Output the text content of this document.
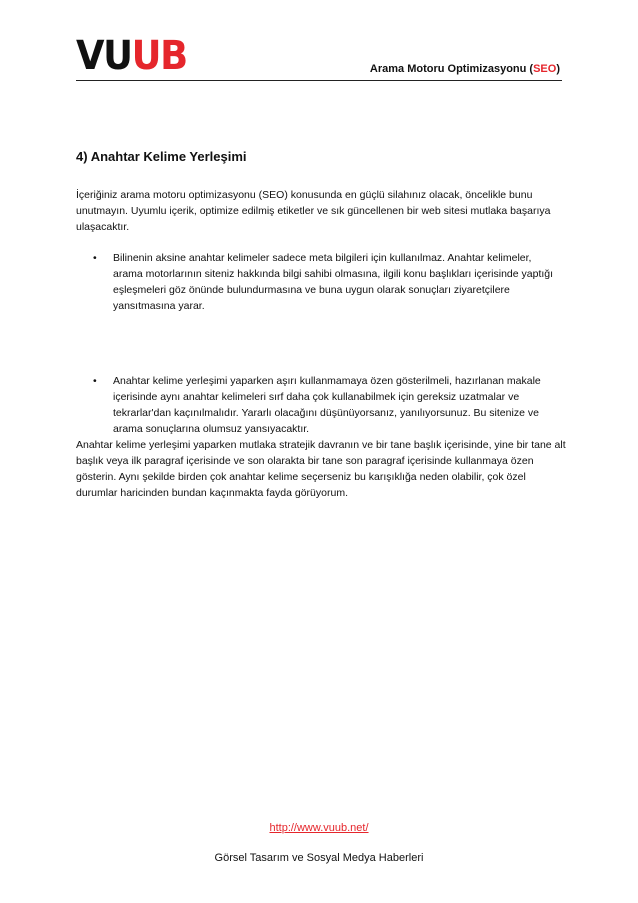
VUUB	Arama Motoru Optimizasyonu (SEO)
4) Anahtar Kelime Yerleşimi

İçeriğiniz arama motoru optimizasyonu (SEO) konusunda en güçlü silahınız olacak, öncelikle bunu unutmayın. Uyumlu içerik, optimize edilmiş etiketler ve sık güncellenen bir web sitesi mutlaka başarıya ulaşacaktır.

• Bilinenin aksine anahtar kelimeler sadece meta bilgileri için kullanılmaz. Anahtar kelimeler, arama motorlarının siteniz hakkında bilgi sahibi olmasına, ilgili konu başlıkları içerisinde yaptığı eşleşmeleri göz önünde bulundurmasına ve buna uygun olarak sonuçları ziyaretçilere yansıtmasına yarar.
• Anahtar kelime yerleşimi yaparken aşırı kullanmamaya özen gösterilmeli, hazırlanan makale içerisinde aynı anahtar kelimeleri sırf daha çok kullanabilmek için gereksiz uzatmalar ve tekrarlar'dan kaçınılmalıdır. Yararlı olacağını düşünüyorsanız, yanılıyorsunuz. Bu sitenize ve arama sonuçlarına olumsuz yansıyacaktır.

Anahtar kelime yerleşimi yaparken mutlaka stratejik davranın ve bir tane başlık içerisinde, yine bir tane alt başlık veya ilk paragraf içerisinde ve son olarakta bir tane son paragraf içerisinde kullanmaya özen gösterin. Aynı şekilde birden çok anahtar kelime seçerseniz bu karışıklığa neden olabilir, çok özel durumlar haricinden bundan kaçınmakta fayda görüyorum.

http://www.vuub.net/
Görsel Tasarım ve Sosyal Medya Haberleri
